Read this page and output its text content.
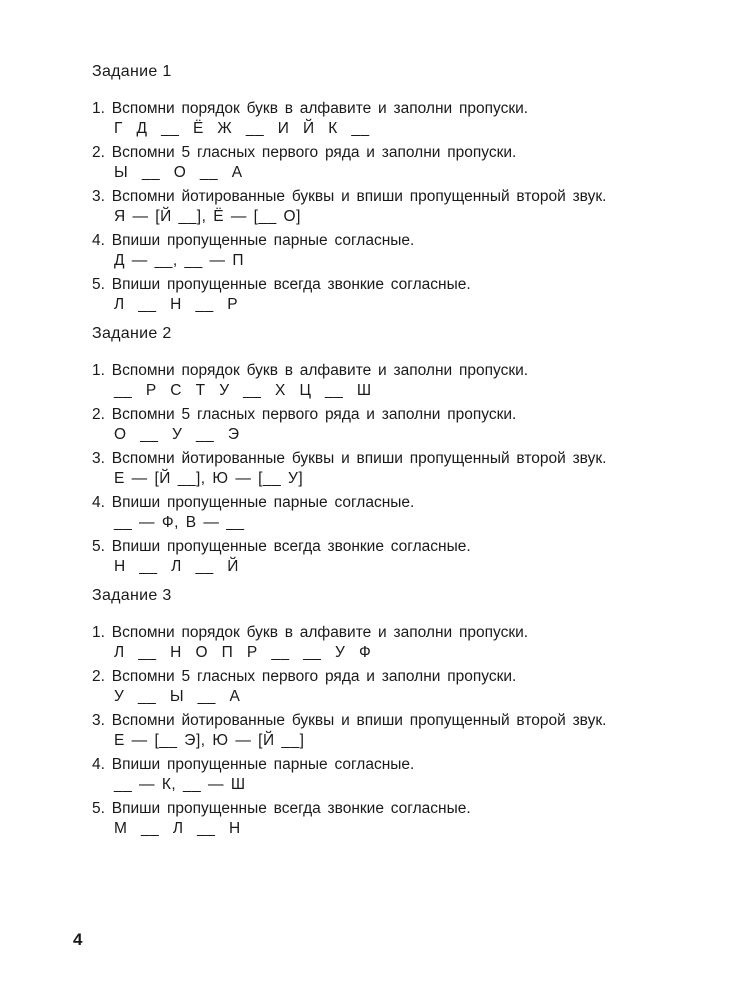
Задание 1
1. Вспомни порядок букв в алфавите и заполни пропуски.
Г  Д  __  Ё  Ж  __  И  Й  К  __
2. Вспомни 5 гласных первого ряда и заполни пропуски.
Ы  __  О  __  А
3. Вспомни йотированные буквы и впиши пропущенный второй звук.
Я — [Й __], Ё — [__ О]
4. Впиши пропущенные парные согласные.
Д — __, __ — П
5. Впиши пропущенные всегда звонкие согласные.
Л  __  Н  __  Р
Задание 2
1. Вспомни порядок букв в алфавите и заполни пропуски.
__  Р  С  Т  У  __  Х  Ц  __  Ш
2. Вспомни 5 гласных первого ряда и заполни пропуски.
О  __  У  __  Э
3. Вспомни йотированные буквы и впиши пропущенный второй звук.
Е — [Й __], Ю — [__ У]
4. Впиши пропущенные парные согласные.
__ — Ф, В — __
5. Впиши пропущенные всегда звонкие согласные.
Н  __  Л  __  Й
Задание 3
1. Вспомни порядок букв в алфавите и заполни пропуски.
Л  __  Н  О  П  Р  __  __  У  Ф
2. Вспомни 5 гласных первого ряда и заполни пропуски.
У  __  Ы  __  А
3. Вспомни йотированные буквы и впиши пропущенный второй звук.
Е — [__ Э], Ю — [Й __]
4. Впиши пропущенные парные согласные.
__ — К, __ — Ш
5. Впиши пропущенные всегда звонкие согласные.
М  __  Л  __  Н
4
